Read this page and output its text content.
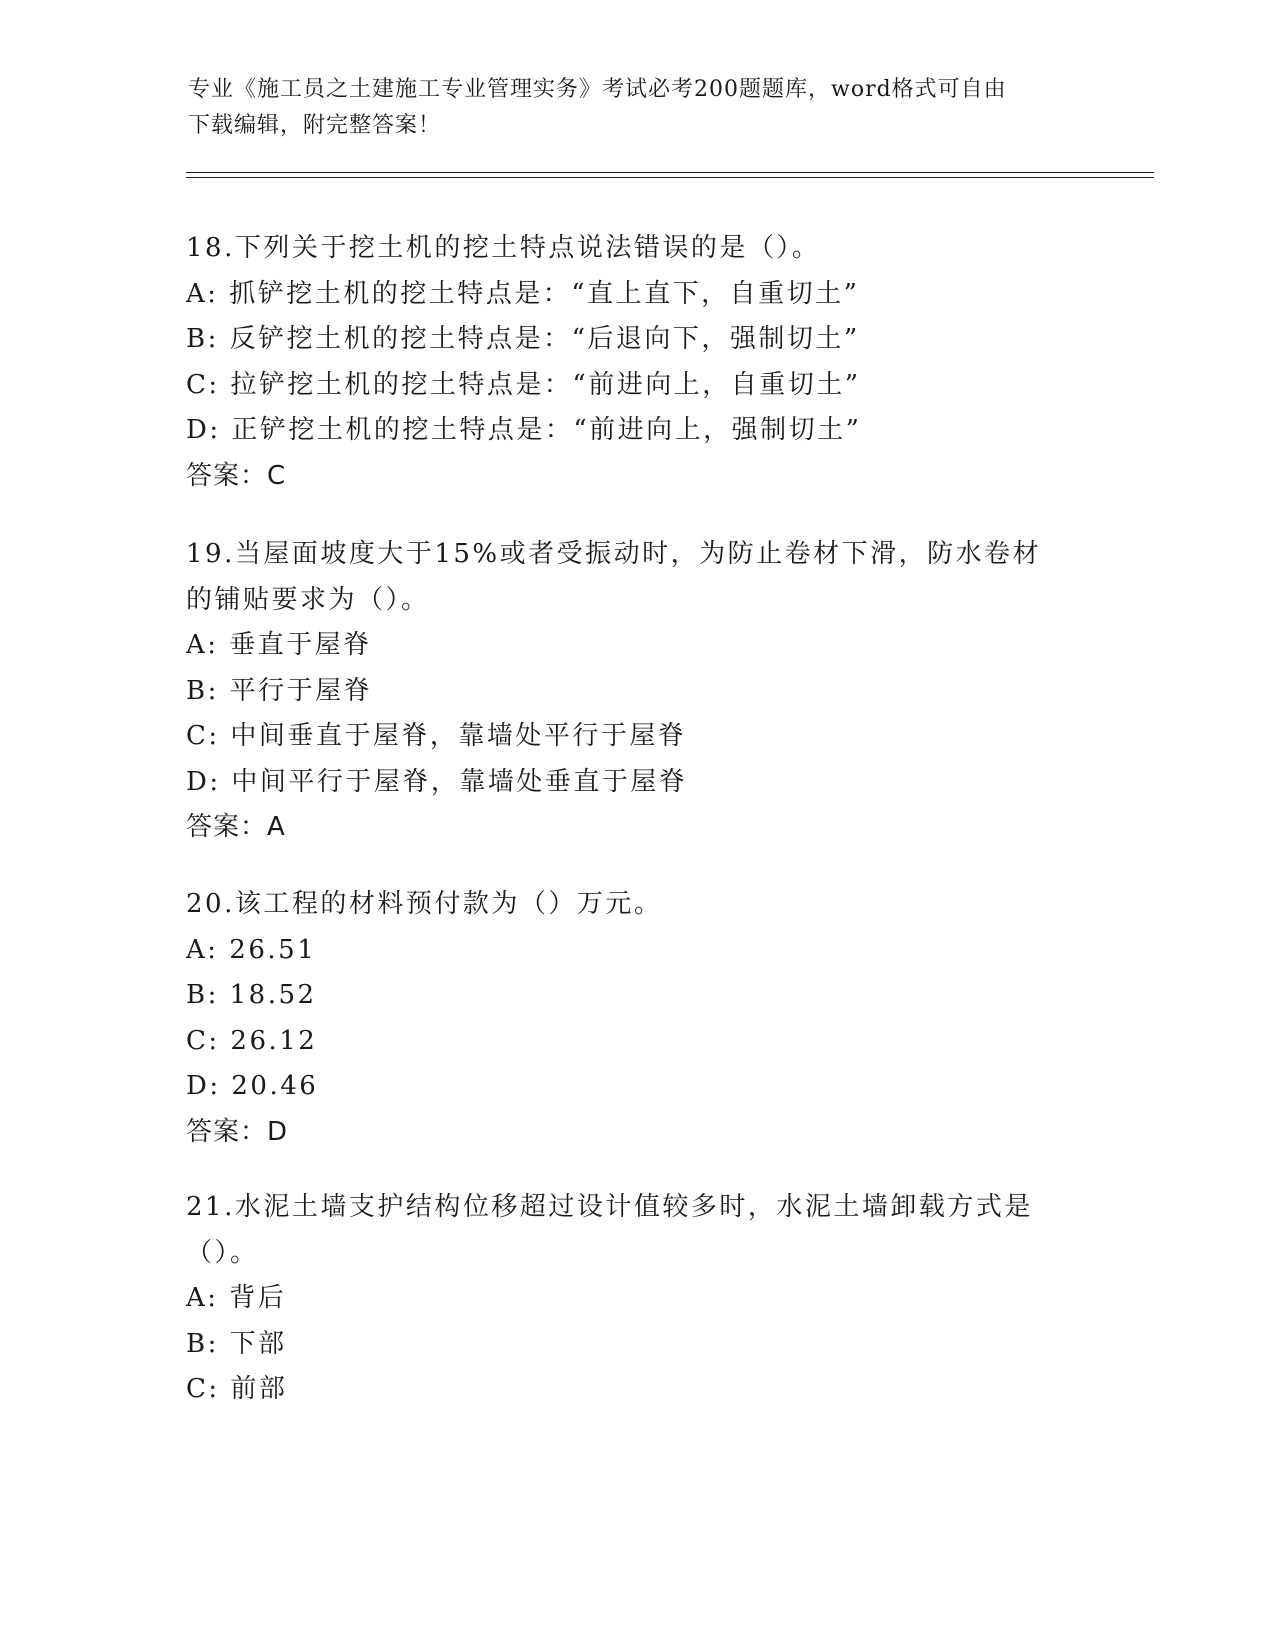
专业《施工员之土建施工专业管理实务》考试必考200题题库，word格式可自由
下载编辑，附完整答案！
18.下列关于挖土机的挖土特点说法错误的是（）。
A: 抓铲挖土机的挖土特点是：“直上直下，自重切土”
B: 反铲挖土机的挖土特点是：“后退向下，强制切土”
C: 拉铲挖土机的挖土特点是：“前进向上，自重切土”
D: 正铲挖土机的挖土特点是：“前进向上，强制切土”
答案：C
19.当屋面坡度大于15%或者受振动时，为防止卷材下滑，防水卷材的铺贴要求为（）。
A: 垂直于屋脊
B: 平行于屋脊
C: 中间垂直于屋脊，靠墙处平行于屋脊
D: 中间平行于屋脊，靠墙处垂直于屋脊
答案：A
20.该工程的材料预付款为（）万元。
A: 26.51
B: 18.52
C: 26.12
D: 20.46
答案：D
21.水泥土墙支护结构位移超过设计值较多时，水泥土墙卸载方式是（）。
A: 背后
B: 下部
C: 前部
